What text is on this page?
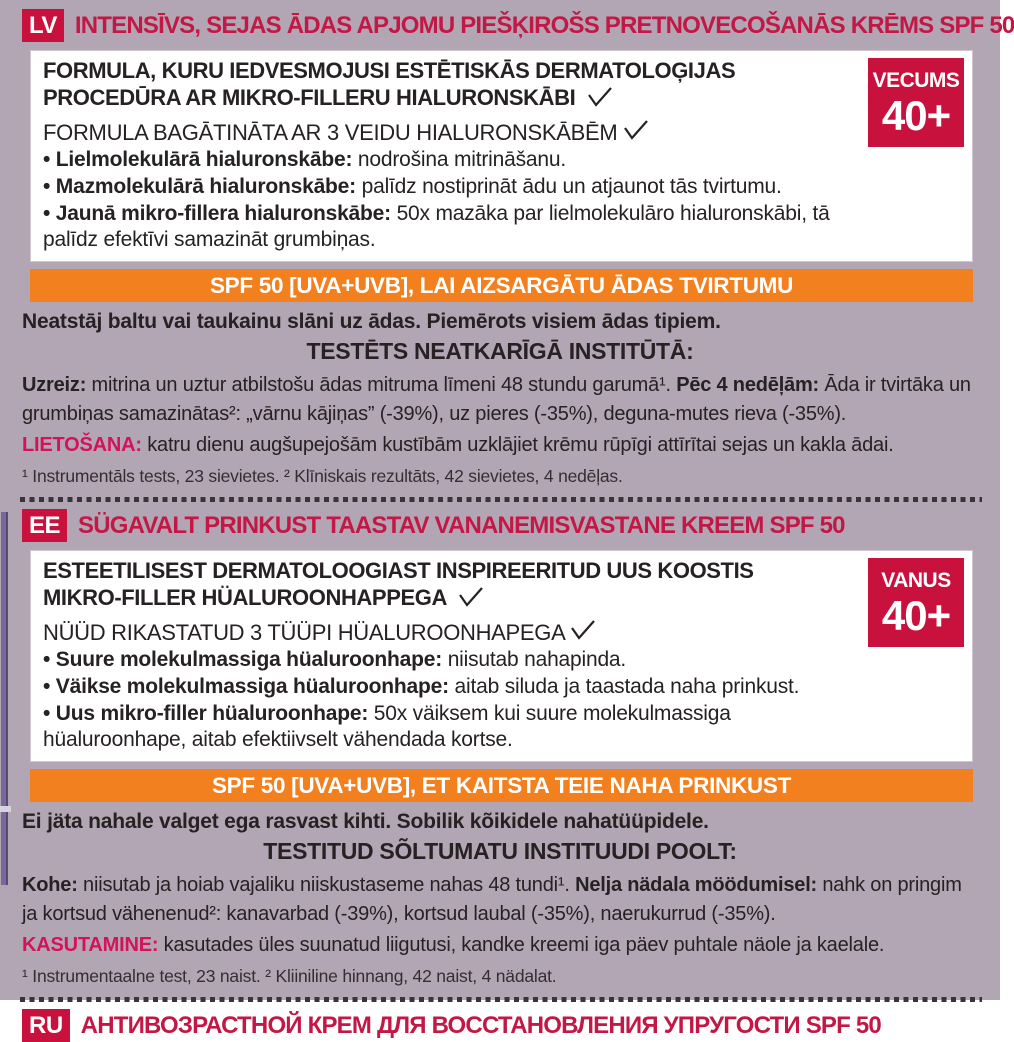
LV INTENSĪVS, SEJAS ĀDAS APJOMU PIEŠĶIROŠS PRETNOVECOŠANĀS KRĒMS SPF 50
FORMULA, KURU IEDVESMOJUSI ESTĒTISKĀS DERMATOLOĢIJAS
PROCEDŪRA AR MIKRO-FILLERU HIALURONSKĀBI
FORMULA BAGĀTINĀTA AR 3 VEIDU HIALURONSKĀBĒM

• Lielmolekulārā hialuronskābe: nodrošina mitrināšanu.

• Mazmolekulārā hialuronskābe: palīdz nostiprināt ādu un atjaunot tās tvirtumu.

• Jaunā mikro-fillera hialuronskābe: 50x mazāka par lielmolekulāro hialuronskābi, tā palīdz efektīvi samazināt grumbiņas.

VECUMS
40+
SPF 50 [UVA+UVB], LAI AIZSARGĀTU ĀDAS TVIRTUMU
Neatstāj baltu vai taukainu slāni uz ādas. Piemērots visiem ādas tipiem.
TESTĒTS NEATKARĪGĀ INSTITŪTĀ:

Uzreiz: mitrina un uztur atbilstošu ādas mitruma līmeni 48 stundu garumā¹. Pēc 4 nedēļām: Āda ir tvirtāka un grumbiņas samazinātas²: „vārnu kājiņas” (-39%), uz pieres (-35%), deguna-mutes rieva (-35%).

LIETOŠANA: katru dienu augšupejošām kustībām uzklājiet krēmu rūpīgi attīrītai sejas un kakla ādai.

¹ Instrumentāls tests, 23 sievietes. ² Klīniskais rezultāts, 42 sievietes, 4 nedēļas.
EE SÜGAVALT PRINKUST TAASTAV VANANEMISVASTANE KREEM SPF 50
ESTEETILISEST DERMATOLOOGIAST INSPIREERITUD UUS KOOSTIS
MIKRO-FILLER HÜALUROONHAPPEGA
NÜÜD RIKASTATUD 3 TÜÜPI HÜALUROONHAPEGA

• Suure molekulmassiga hüaluroonhape: niisutab nahapinda.

• Väikse molekulmassiga hüaluroonhape: aitab siluda ja taastada naha prinkust.

• Uus mikro-filler hüaluroonhape: 50x väiksem kui suure molekulmassiga hüaluroonhape, aitab efektiivselt vähendada kortse.

VANUS
40+
SPF 50 [UVA+UVB], ET KAITSTA TEIE NAHA PRINKUST
Ei jäta nahale valget ega rasvast kihti. Sobilik kõikidele nahatüüpidele.
TESTITUD SÕLTUMATU INSTITUUDI POOLT:

Kohe: niisutab ja hoiab vajaliku niiskustaseme nahas 48 tundi¹. Nelja nädala möödumisel: nahk on pringim ja kortsud vähenenud²: kanavarbad (-39%), kortsud laubal (-35%), naerukurrud (-35%).

KASUTAMINE: kasutades üles suunatud liigutusi, kandke kreemi iga päev puhtale näole ja kaelale.

¹ Instrumentaalne test, 23 naist. ² Kliiniline hinnang, 42 naist, 4 nädalat.
RU АНТИВОЗРАСТНОЙ КРЕМ ДЛЯ ВОССТАНОВЛЕНИЯ УПРУГОСТИ SPF 50
